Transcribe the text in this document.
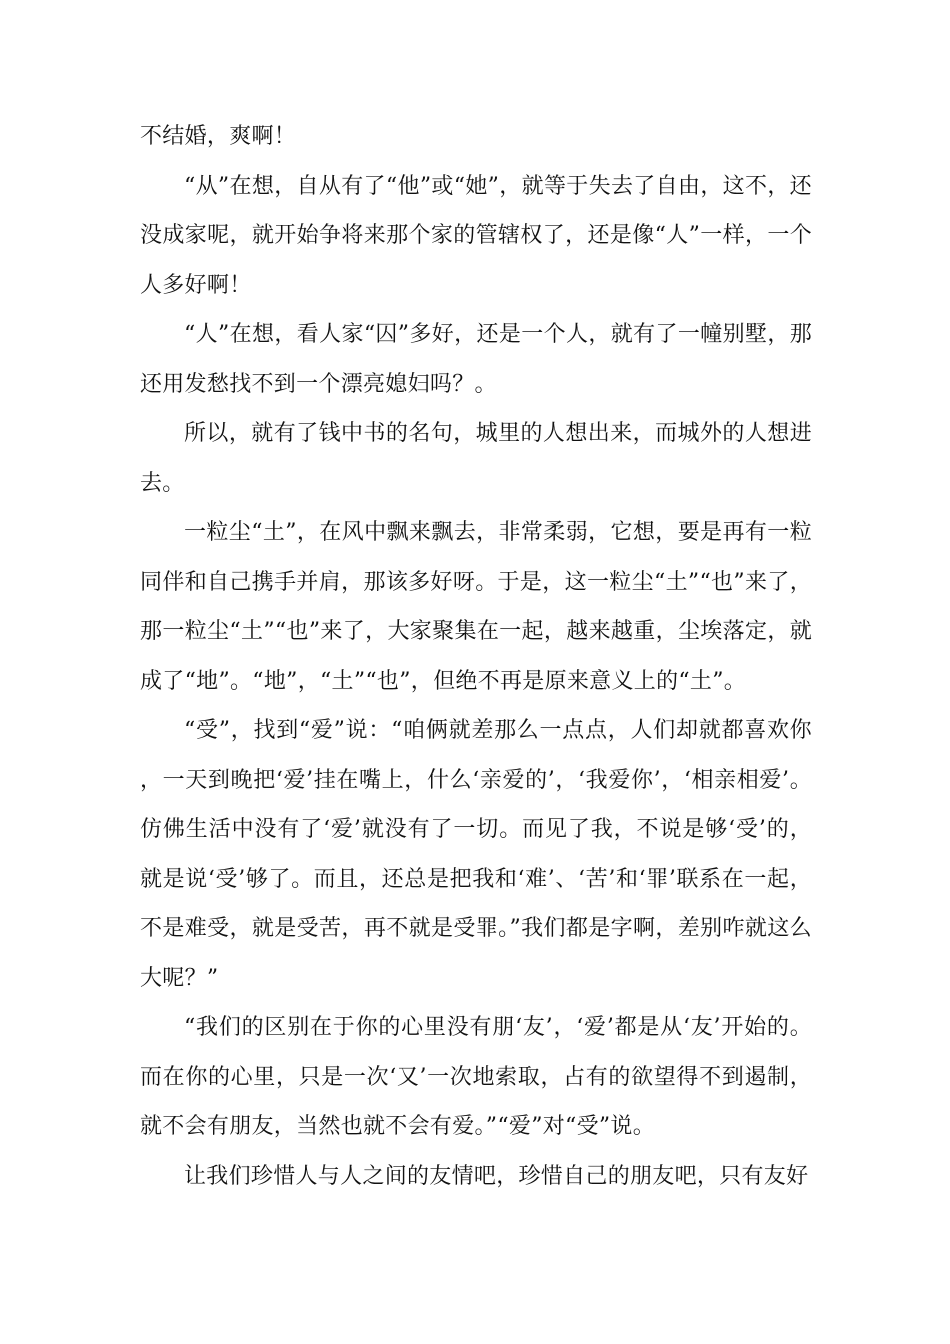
不结婚，爽啊！

“从”在想，自从有了“他”或“她”，就等于失去了自由，这不，还没成家呢，就开始争将来那个家的管辖权了，还是像“人”一样，一个人多好啊！

“人”在想，看人家“囚”多好，还是一个人，就有了一幢别墅，那还用发愁找不到一个漂亮媳妇吗？。

所以，就有了钱中书的名句，城里的人想出来，而城外的人想进去。

一粒尘“土”，在风中飘来飘去，非常柔弱，它想，要是再有一粒同伴和自己携手并肩，那该多好呀。于是，这一粒尘“土”“也”来了，那一粒尘“土”“也”来了，大家聚集在一起，越来越重，尘埃落定，就成了“地”。“地”，“土”“也”，但绝不再是原来意义上的“土”。

“受”，找到“爱”说：“咱俩就差那么一点点，人们却就都喜欢你，一天到晚把‘爱’挂在嘴上，什么‘亲爱的’，‘我爱你’，‘相亲相爱’。仿佛生活中没有了‘爱’就没有了一切。而见了我，不说是够‘受’的，就是说‘受’够了。而且，还总是把我和‘难’、‘苦’和‘罪’联系在一起，不是难受，就是受苦，再不就是受罪。”我们都是字啊，差别咋就这么大呢？”

“我们的区别在于你的心里没有朋‘友’，‘爱’都是从‘友’开始的。而在你的心里，只是一次‘又’一次地索取，占有的欲望得不到遏制，就不会有朋友，当然也就不会有爱。”“爱”对“受”说。

让我们珍惜人与人之间的友情吧，珍惜自己的朋友吧，只有友好
